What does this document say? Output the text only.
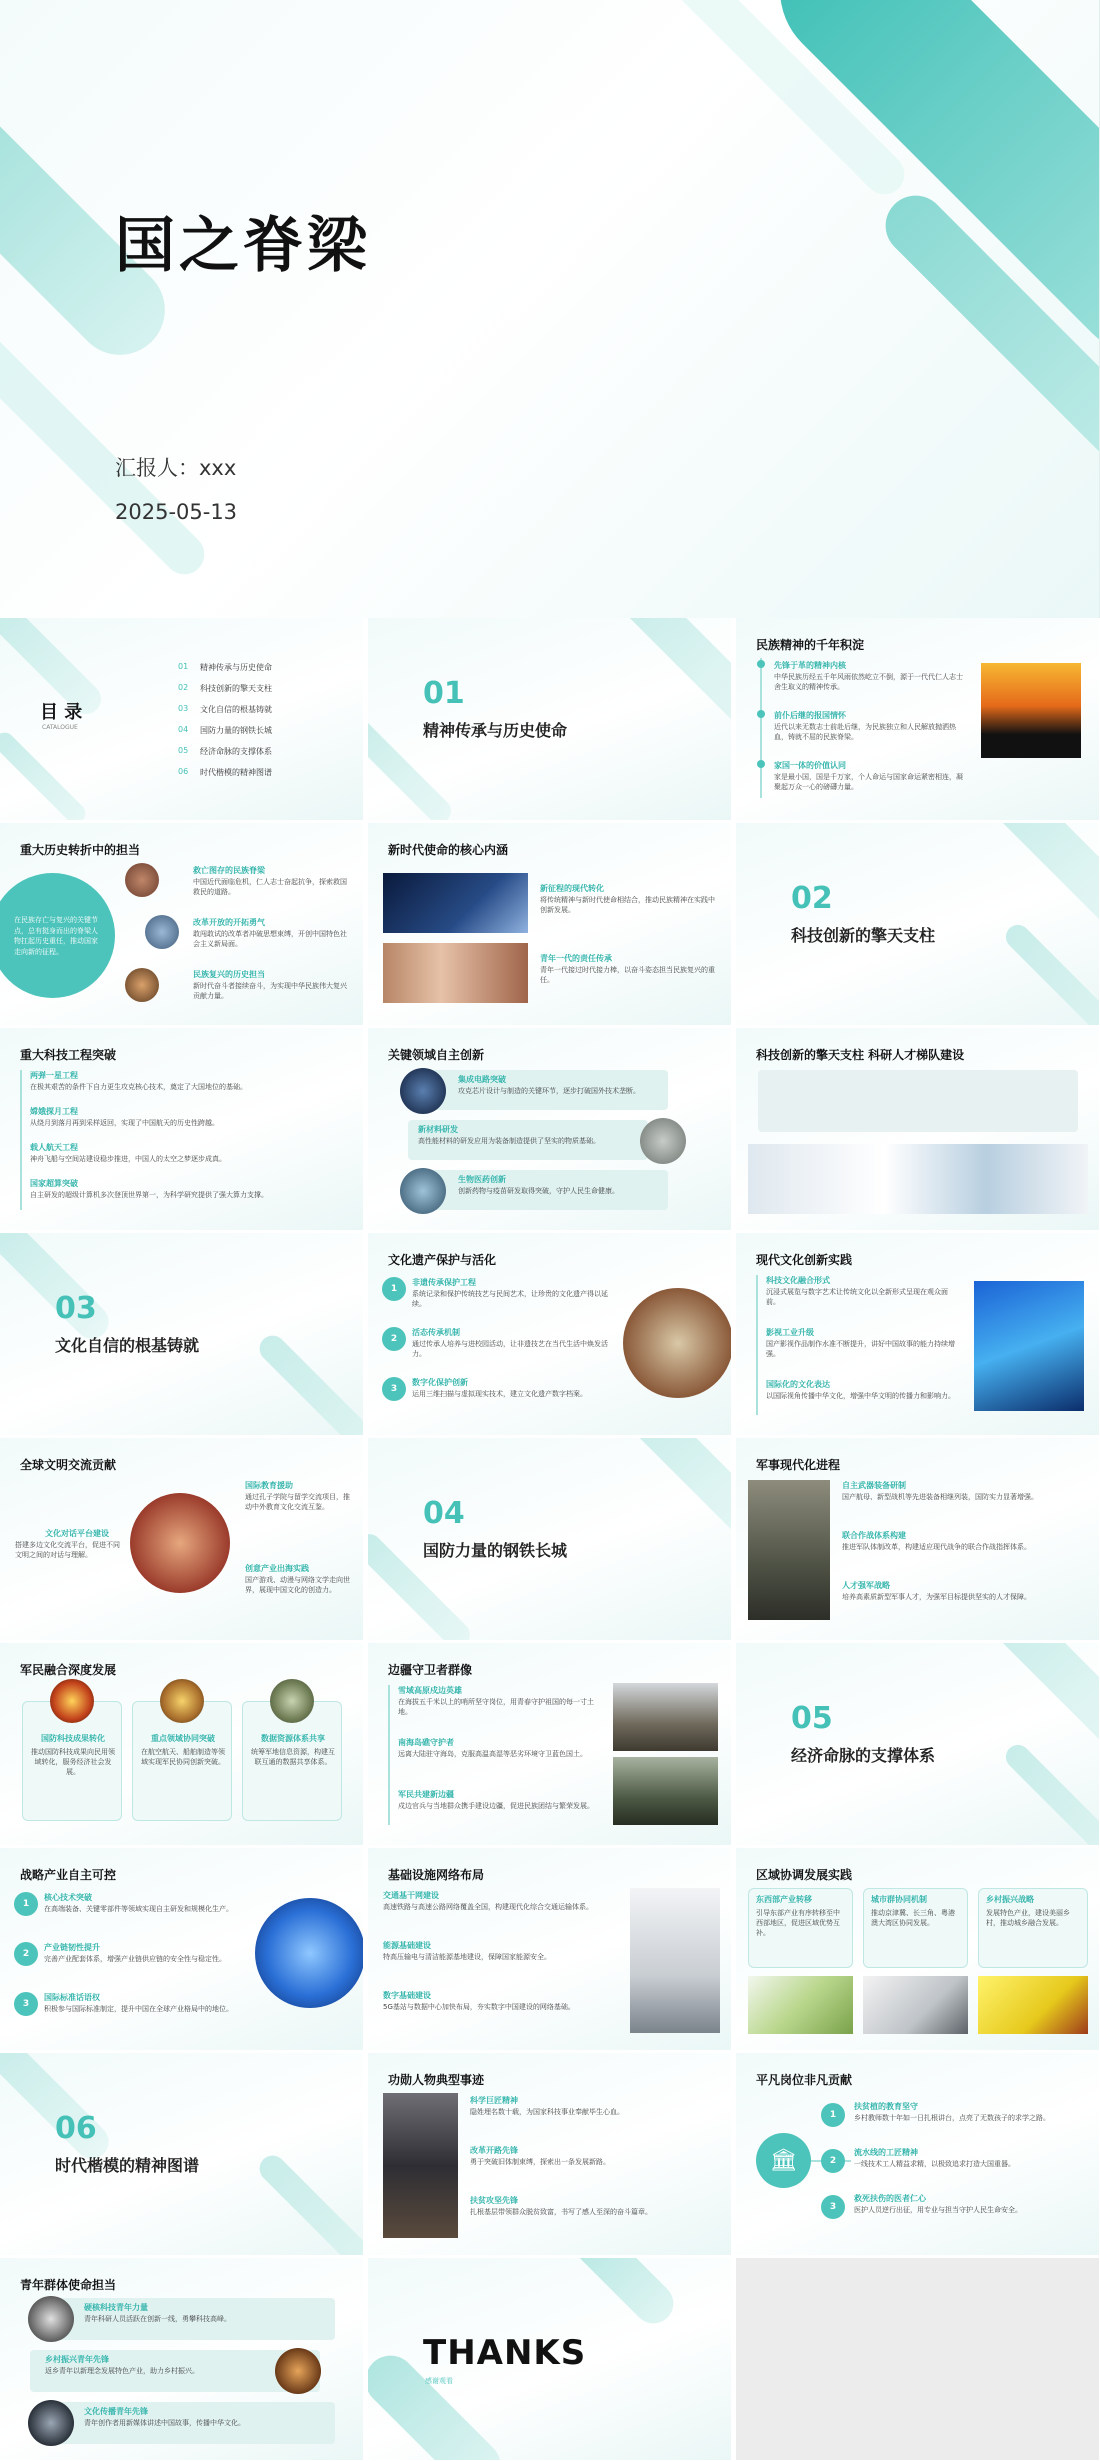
国之脊梁
汇报人：xxx
2025-05-13
目 录
CATALOGUE
01 精神传承与历史使命
02 科技创新的擎天支柱
03 文化自信的根基铸就
04 国防力量的钢铁长城
05 经济命脉的支撑体系
06 时代楷模的精神图谱
01
精神传承与历史使命
民族精神的千年积淀
先锋于革的精神内核
中华民族历经五千年风雨依然屹立不倒，源于一代代仁人志士舍生取义的精神传承。
前仆后继的报国情怀
近代以来无数志士前赴后继，为民族独立和人民解放抛洒热血，铸就不屈的民族脊梁。
家国一体的价值认同
家是最小国，国是千万家，个人命运与国家命运紧密相连，凝聚起万众一心的磅礴力量。
重大历史转折中的担当
在民族存亡与复兴的关键节点，总有挺身而出的脊梁人物扛起历史重任，推动国家走向新的征程。
救亡图存的民族脊梁
中国近代面临危机，仁人志士奋起抗争，探索救国救民的道路。
改革开放的开拓勇气
敢闯敢试的改革者冲破思想束缚，开创中国特色社会主义新局面。
民族复兴的历史担当
新时代奋斗者接续奋斗，为实现中华民族伟大复兴贡献力量。
新时代使命的核心内涵
新征程的现代转化
将传统精神与新时代使命相结合，推动民族精神在实践中创新发展。
青年一代的责任传承
青年一代接过时代接力棒，以奋斗姿态担当民族复兴的重任。
02
科技创新的擎天支柱
重大科技工程突破
两弹一星工程
在极其艰苦的条件下自力更生攻克核心技术，奠定了大国地位的基础。
嫦娥探月工程
从绕月到落月再到采样返回，实现了中国航天的历史性跨越。
载人航天工程
神舟飞船与空间站建设稳步推进，中国人的太空之梦逐步成真。
国家超算突破
自主研发的超级计算机多次登顶世界第一，为科学研究提供了强大算力支撑。
关键领域自主创新
集成电路突破
攻克芯片设计与制造的关键环节，逐步打破国外技术垄断。
新材料研发
高性能材料的研发应用为装备制造提供了坚实的物质基础。
生物医药创新
创新药物与疫苗研发取得突破，守护人民生命健康。
科技创新的擎天支柱 科研人才梯队建设
03
文化自信的根基铸就
文化遗产保护与活化
1
2
3
非遗传承保护工程
系统记录和保护传统技艺与民间艺术，让珍贵的文化遗产得以延续。
活态传承机制
通过传承人培养与进校园活动，让非遗技艺在当代生活中焕发活力。
数字化保护创新
运用三维扫描与虚拟现实技术，建立文化遗产数字档案。
现代文化创新实践
科技文化融合形式
沉浸式展览与数字艺术让传统文化以全新形式呈现在观众面前。
影视工业升级
国产影视作品制作水准不断提升，讲好中国故事的能力持续增强。
国际化的文化表达
以国际视角传播中华文化，增强中华文明的传播力和影响力。
全球文明交流贡献
国际教育援助
通过孔子学院与留学交流项目，推动中外教育文化交流互鉴。
文化对话平台建设
搭建多边文化交流平台，促进不同文明之间的对话与理解。
创意产业出海实践
国产游戏、动漫与网络文学走向世界，展现中国文化的创造力。
04
国防力量的钢铁长城
军事现代化进程
自主武器装备研制
国产航母、新型战机等先进装备相继列装，国防实力显著增强。
联合作战体系构建
推进军队体制改革，构建适应现代战争的联合作战指挥体系。
人才强军战略
培养高素质新型军事人才，为强军目标提供坚实的人才保障。
军民融合深度发展
国防科技成果转化
推动国防科技成果向民用领域转化，服务经济社会发展。
重点领域协同突破
在航空航天、船舶制造等领域实现军民协同创新突破。
数据资源体系共享
统筹军地信息资源，构建互联互通的数据共享体系。
边疆守卫者群像
雪域高原戍边英雄
在海拔五千米以上的哨所坚守岗位，用青春守护祖国的每一寸土地。
南海岛礁守护者
远离大陆驻守海岛，克服高温高湿等恶劣环境守卫蓝色国土。
军民共建新边疆
戍边官兵与当地群众携手建设边疆，促进民族团结与繁荣发展。
05
经济命脉的支撑体系
战略产业自主可控
1
2
3
核心技术突破
在高端装备、关键零部件等领域实现自主研发和规模化生产。
产业链韧性提升
完善产业配套体系，增强产业链供应链的安全性与稳定性。
国际标准话语权
积极参与国际标准制定，提升中国在全球产业格局中的地位。
基础设施网络布局
交通基干网建设
高速铁路与高速公路网络覆盖全国，构建现代化综合交通运输体系。
能源基础建设
特高压输电与清洁能源基地建设，保障国家能源安全。
数字基础建设
5G基站与数据中心加快布局，夯实数字中国建设的网络基础。
区域协调发展实践
东西部产业转移
引导东部产业有序转移至中西部地区，促进区域优势互补。
城市群协同机制
推动京津冀、长三角、粤港澳大湾区协同发展。
乡村振兴战略
发展特色产业，建设美丽乡村，推动城乡融合发展。
06
时代楷模的精神图谱
功勋人物典型事迹
科学巨匠精神
隐姓埋名数十载，为国家科技事业奉献毕生心血。
改革开路先锋
勇于突破旧体制束缚，探索出一条发展新路。
扶贫攻坚先锋
扎根基层带领群众脱贫致富，书写了感人至深的奋斗篇章。
平凡岗位非凡贡献
🏛
1
2
3
扶贫植的教育坚守
乡村教师数十年如一日扎根讲台，点亮了无数孩子的求学之路。
流水线的工匠精神
一线技术工人精益求精，以极致追求打造大国重器。
救死扶伤的医者仁心
医护人员逆行出征，用专业与担当守护人民生命安全。
青年群体使命担当
硬核科技青年力量
青年科研人员活跃在创新一线，勇攀科技高峰。
乡村振兴青年先锋
返乡青年以新理念发展特色产业，助力乡村振兴。
文化传播青年先锋
青年创作者用新媒体讲述中国故事，传播中华文化。
THANKS
感谢观看
